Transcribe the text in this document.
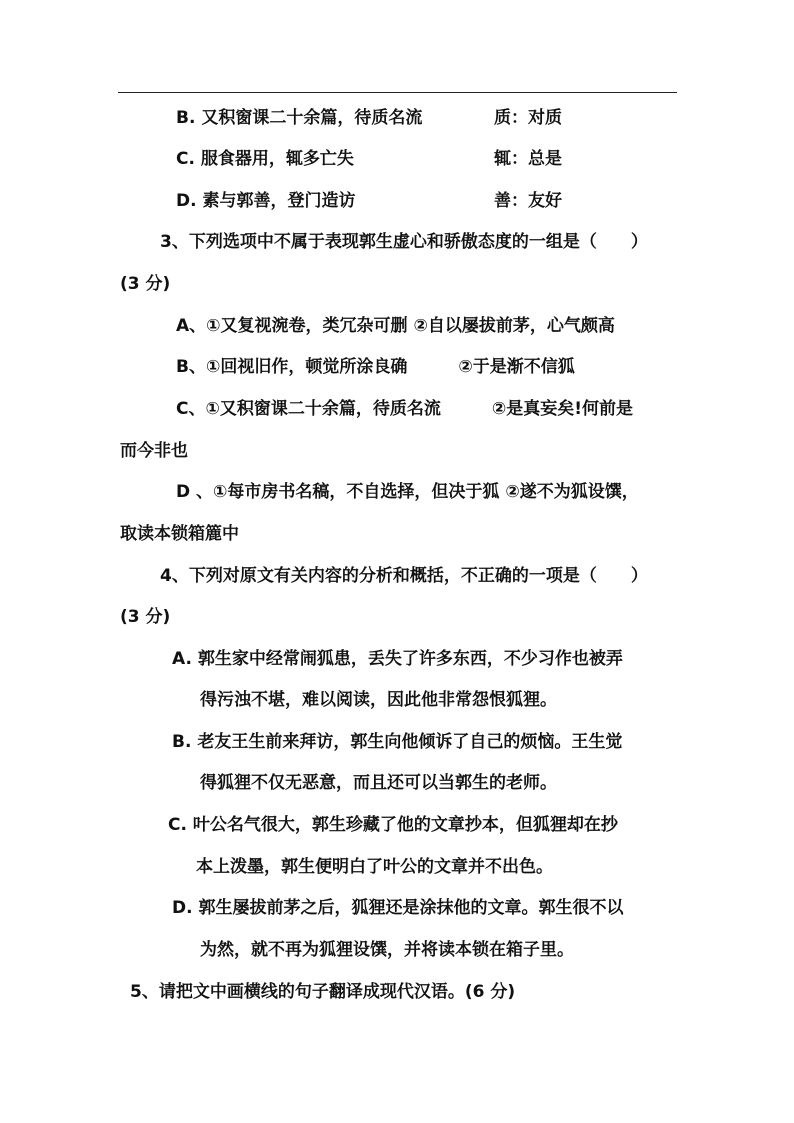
B. 又积窗课二十余篇，待质名流	质：对质
C. 服食器用，辄多亡失	辄：总是
D. 素与郭善，登门造访	善：友好
3、下列选项中不属于表现郭生虚心和骄傲态度的一组是（　　）
(3 分)
A、①又复视涴卷，类冗杂可删 ②自以屡拔前茅，心气颇高
B、①回视旧作，顿觉所涂良确　　　②于是渐不信狐
C、①又积窗课二十余篇，待质名流　　　②是真妄矣!何前是
而今非也
D 、①每市房书名稿，不自选择，但决于狐 ②遂不为狐设馔，
取读本锁箱簏中
4、下列对原文有关内容的分析和概括，不正确的一项是（　　）
(3 分)
A. 郭生家中经常闹狐患，丢失了许多东西，不少习作也被弄
得污浊不堪，难以阅读，因此他非常怨恨狐狸。
B. 老友王生前来拜访，郭生向他倾诉了自己的烦恼。王生觉
得狐狸不仅无恶意，而且还可以当郭生的老师。
C. 叶公名气很大，郭生珍藏了他的文章抄本，但狐狸却在抄
本上泼墨，郭生便明白了叶公的文章并不出色。
D. 郭生屡拔前茅之后，狐狸还是涂抹他的文章。郭生很不以
为然，就不再为狐狸设馔，并将读本锁在箱子里。
5、请把文中画横线的句子翻译成现代汉语。(6 分)
